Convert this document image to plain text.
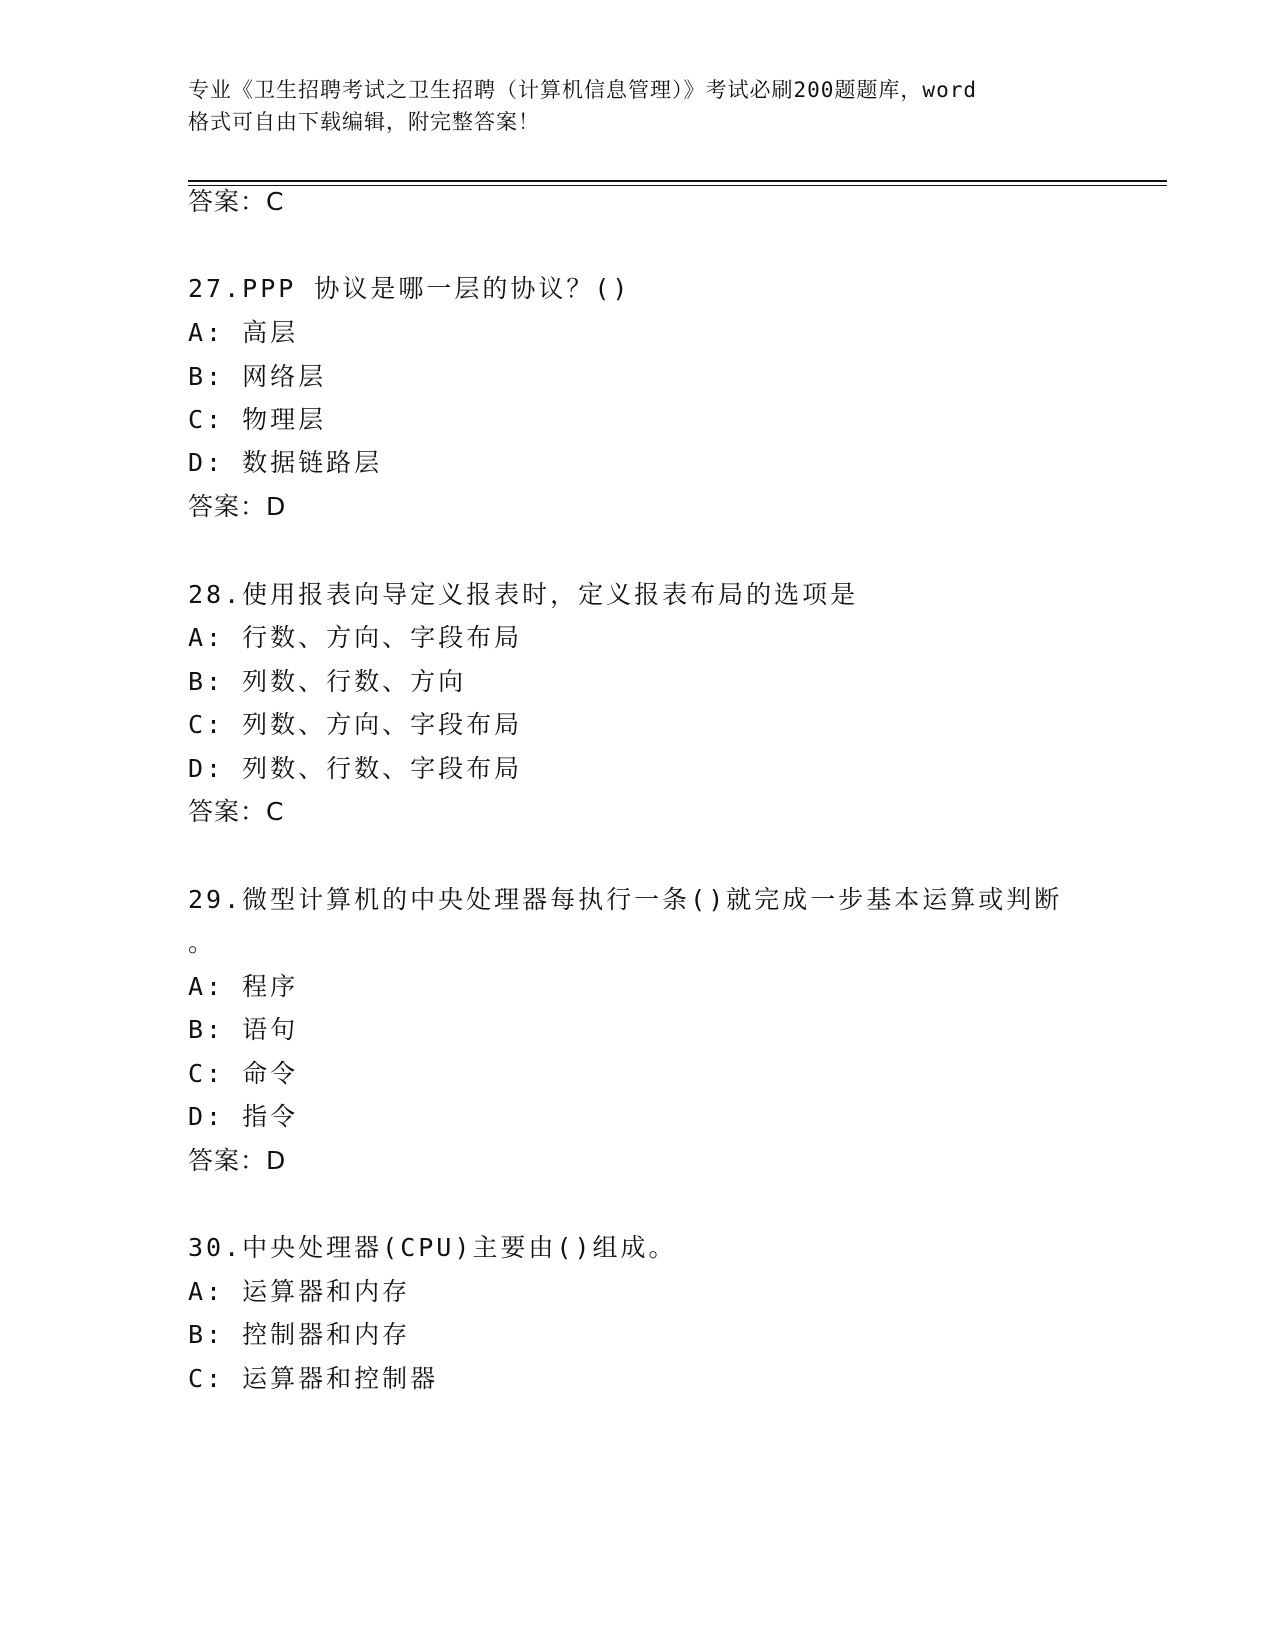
专业《卫生招聘考试之卫生招聘（计算机信息管理）》考试必刷200题题库，word
格式可自由下载编辑，附完整答案！
答案：C
27.PPP 协议是哪一层的协议？()
A: 高层
B: 网络层
C: 物理层
D: 数据链路层
答案：D
28.使用报表向导定义报表时，定义报表布局的选项是
A: 行数、方向、字段布局
B: 列数、行数、方向
C: 列数、方向、字段布局
D: 列数、行数、字段布局
答案：C
29.微型计算机的中央处理器每执行一条()就完成一步基本运算或判断
。
A: 程序
B: 语句
C: 命令
D: 指令
答案：D
30.中央处理器(CPU)主要由()组成。
A: 运算器和内存
B: 控制器和内存
C: 运算器和控制器
